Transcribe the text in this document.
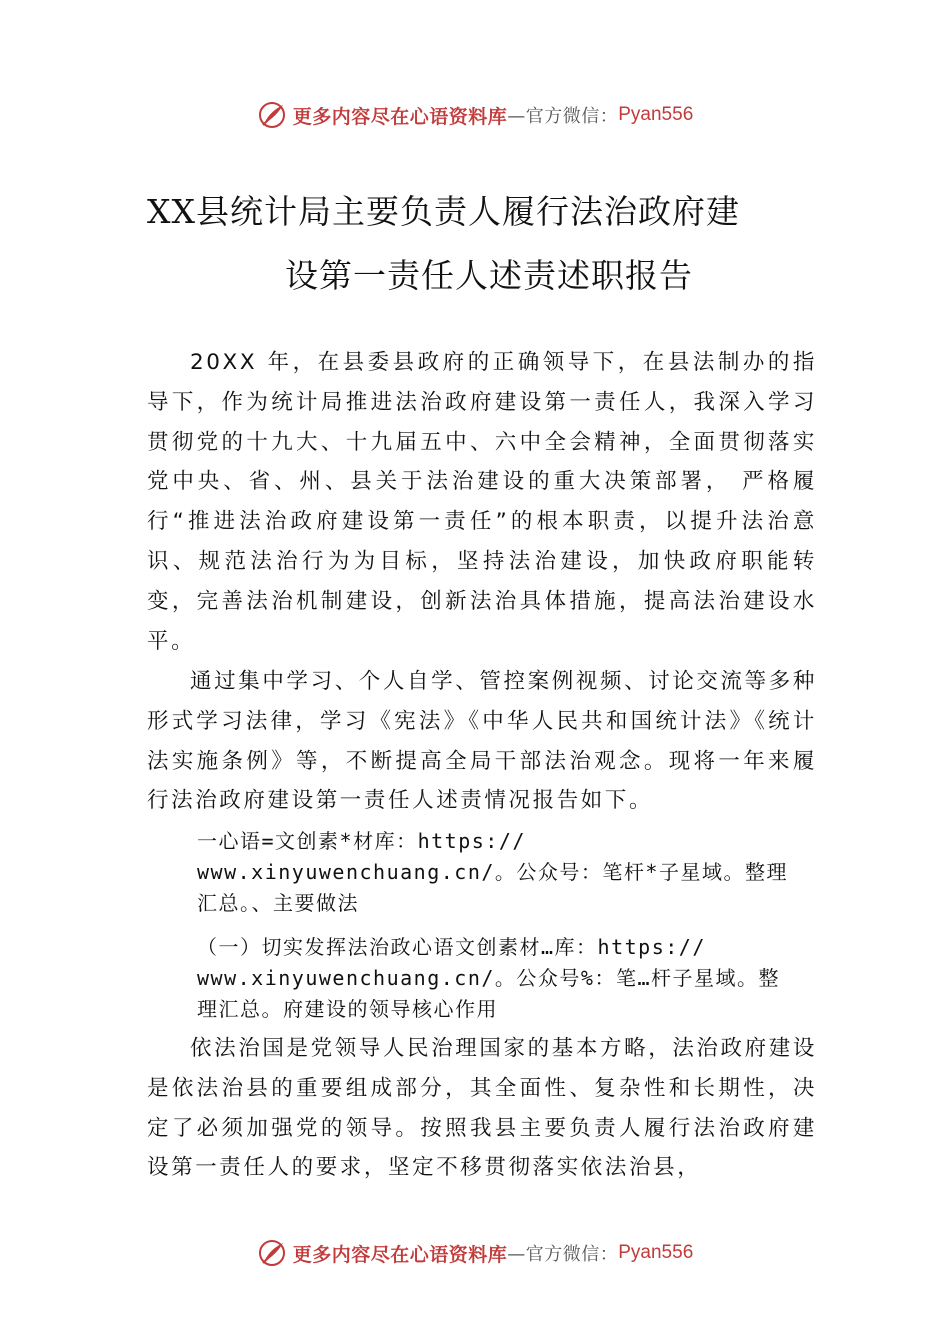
更多内容尽在心语资料库 —官方微信： Pyan556
XX县统计局主要负责人履行法治政府建
设第一责任人述责述职报告

20XX 年，在县委县政府的正确领导下，在县法制办的指导下，作为统计局推进法治政府建设第一责任人，我深入学习贯彻党的十九大、十九届五中、六中全会精神，全面贯彻落实党中央、省、州、县关于法治建设的重大决策部署， 严格履行“推进法治政府建设第一责任”的根本职责，以提升法治意识、规范法治行为为目标，坚持法治建设，加快政府职能转变，完善法治机制建设，创新法治具体措施，提高法治建设水平。

通过集中学习、个人自学、管控案例视频、讨论交流等多种形式学习法律，学习《宪法》《中华人民共和国统计法》《统计法实施条例》等，不断提高全局干部法治观念。现将一年来履行法治政府建设第一责任人述责情况报告如下。

一心语=文创素*材库：https://
www.xinyuwenchuang.cn/。公众号：笔杆*子星域。整理
汇总。、主要做法
（一）切实发挥法治政心语文创素材…库：https://
www.xinyuwenchuang.cn/。公众号%：笔…杆子星域。整
理汇总。府建设的领导核心作用

依法治国是党领导人民治理国家的基本方略，法治政府建设是依法治县的重要组成部分，其全面性、复杂性和长期性，决定了必须加强党的领导。按照我县主要负责人履行法治政府建设第一责任人的要求，坚定不移贯彻落实依法治县，

更多内容尽在心语资料库 —官方微信： Pyan556
